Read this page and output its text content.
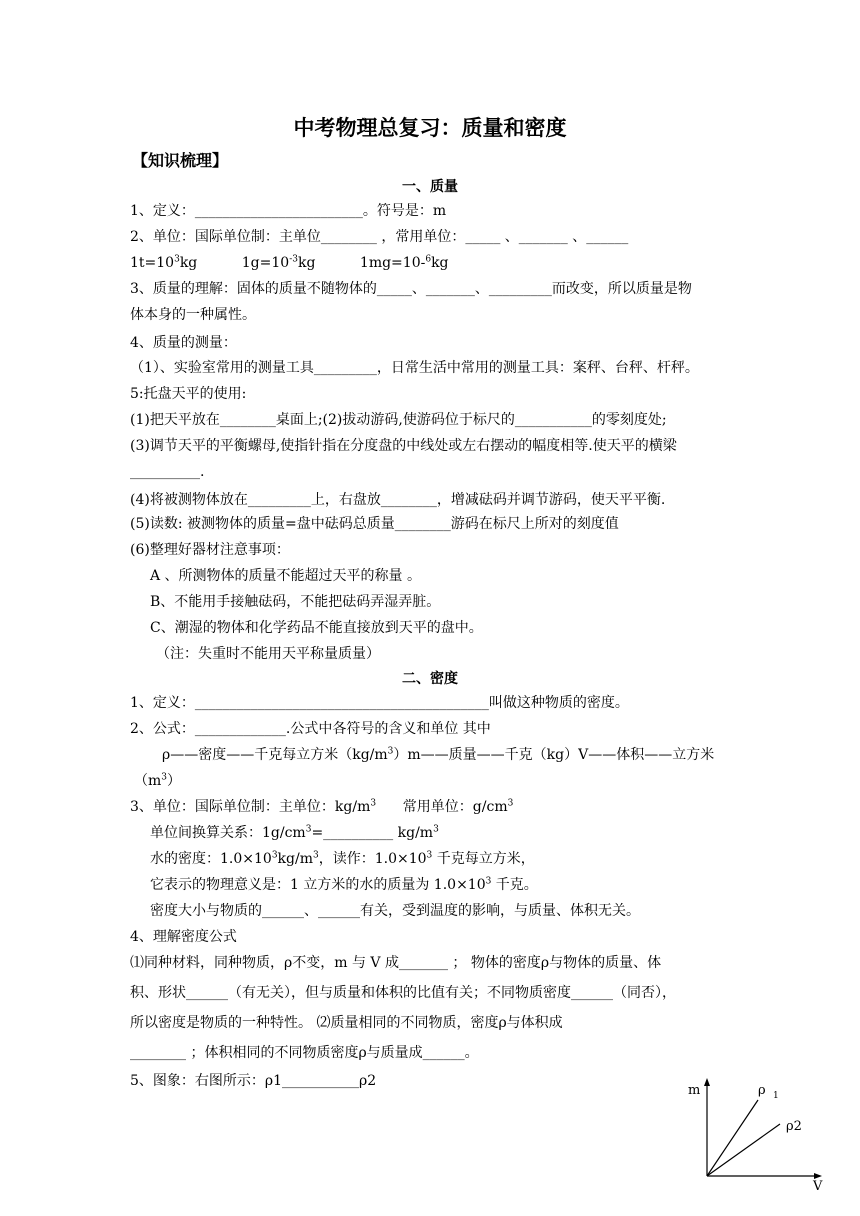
中考物理总复习：质量和密度
【知识梳理】
一、质量
1、定义：________________________。符号是：m
2、单位：国际单位制：主单位________ ，常用单位：_____ 、_______ 、______
$1t=10^3kg$          $1g=10^{-3}kg$          1mg=10-$^6$kg
3、质量的理解：固体的质量不随物体的_____、_______、_________而改变，所以质量是物
体本身的一种属性。
4、质量的测量：
（1）、实验室常用的测量工具_________，日常生活中常用的测量工具：案秤、台秤、杆秤。
5:托盘天平的使用:
(1)把天平放在________桌面上;(2)拔动游码,使游码位于标尺的___________的零刻度处;
(3)调节天平的平衡螺母,使指针指在分度盘的中线处或左右摆动的幅度相等.使天平的横梁
__________.
(4)将被测物体放在_________上，右盘放________，增减砝码并调节游码，使天平平衡.
(5)读数: 被测物体的质量=盘中砝码总质量________游码在标尺上所对的刻度值
(6)整理好器材注意事项：
A 、所测物体的质量不能超过天平的称量 。
B、不能用手接触砝码，不能把砝码弄湿弄脏。
C、潮湿的物体和化学药品不能直接放到天平的盘中。
（注：失重时不能用天平称量质量）
二、密度
1、定义：__________________________________________叫做这种物质的密度。
2、公式：_____________.公式中各符号的含义和单位 其中
ρ——密度——千克每立方米$(kg/m^3)m——$质量——千克（kg）V——体积——立方米
$(m^3)$
3、单位：国际单位制：主单位：$kg/m^3$      常用单位：$g/cm^3$
单位间换算关系：$1g/cm^3=\_\_\_\_\_\_\_\_\_\_$ $kg/m^3$
水的密度：$1.0\times 10^3kg/m^3$，读作：$1.0\times 10^3$ 千克每立方米，
它表示的物理意义是：1 立方米的水的质量为 $1.0\times 10^3$ 千克。
密度大小与物质的______、______有关，受到温度的影响，与质量、体积无关。
4、理解密度公式
⑴同种材料，同种物质，ρ不变，m 与 V 成_______ ； 物体的密度ρ与物体的质量、体
积、形状______（有无关），但与质量和体积的比值有关；不同物质密度______（同否），
所以密度是物质的一种特性。 ⑵质量相同的不同物质，密度ρ与体积成
________ ；体积相同的不同物质密度ρ与质量成______。
5、图象：右图所示：ρ1___________ρ2
m
V
ρ 1
ρ2
